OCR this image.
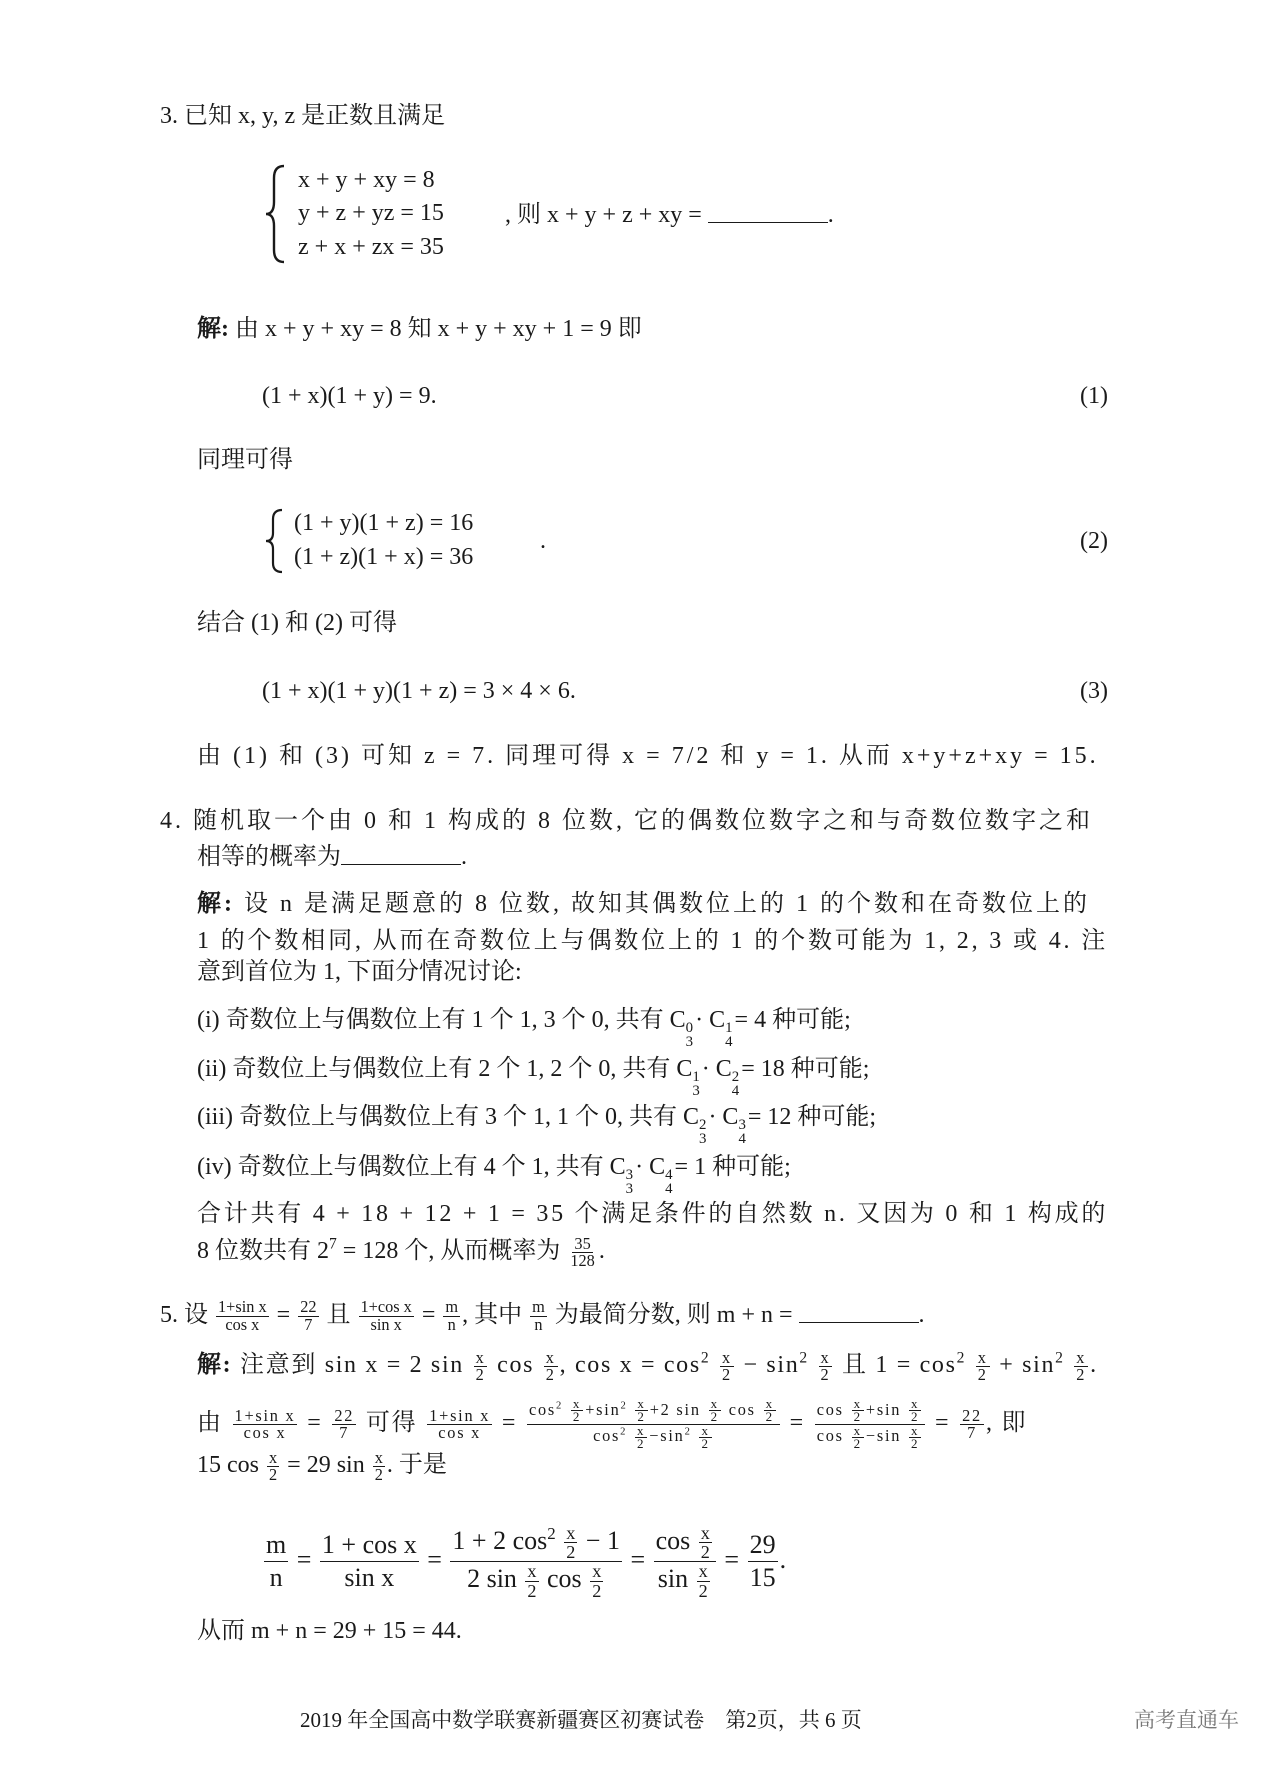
.
(1)
(2)
(3)
2019 年全国高中数学联赛新疆赛区初赛试卷　第2页，共 6 页	高考直通车
3. 已知 x, y, z 是正数且满足
x + y + xy = 8
y + z + yz = 15
z + x + zx = 35
, 则 x + y + z + xy =	.
解: 由 x + y + xy = 8 知 x + y + xy + 1 = 9 即
(1 + x)(1 + y) = 9.
同理可得
(1 + y)(1 + z) = 16
(1 + z)(1 + x) = 36
结合 (1) 和 (2) 可得
(1 + x)(1 + y)(1 + z) = 3 × 4 × 6.
由 (1) 和 (3) 可知 z = 7. 同理可得 x = 7/2 和 y = 1. 从而 x+y+z+xy = 15.
4. 随机取一个由 0 和 1 构成的 8 位数, 它的偶数位数字之和与奇数位数字之和
相等的概率为	.
解: 设 n 是满足题意的 8 位数, 故知其偶数位上的 1 的个数和在奇数位上的
1 的个数相同, 从而在奇数位上与偶数位上的 1 的个数可能为 1, 2, 3 或 4. 注
意到首位为 1, 下面分情况讨论:
(i) 奇数位上与偶数位上有 1 个 1, 3 个 0, 共有 C 0
3
· C 1
4
= 4 种可能;
(ii) 奇数位上与偶数位上有 2 个 1, 2 个 0, 共有 C 1
3
· C 2
4
= 18 种可能;
(iii) 奇数位上与偶数位上有 3 个 1, 1 个 0, 共有 C 2
3
· C 3
4
= 12 种可能;
(iv) 奇数位上与偶数位上有 4 个 1, 共有 C 3
3
· C 4
4
= 1 种可能;
合计共有 4 + 18 + 12 + 1 = 35 个满足条件的自然数 n. 又因为 0 和 1 构成的
8 位数共有 $2^7 = 128$ 个, 从而概率为 $\frac{35}{128}$ .
5. 设 $\frac{\text{1+sin x}}{\text{cos x}} = \frac{22}{7}$ 且 $\frac{\text{1+cos x}}{\text{sin x}} = \frac{m}{n}$ , 其中 $\frac{m}{n}$ 为最简分数, 则 m + n =	.
解: 注意到 sin x = 2 $\sin \frac{x}{2}$ $\cos \frac{x}{2}$ , $\cos x = \cos^2 \frac{x}{2} - \sin^2 \frac{x}{2}$ 且 $1 = \cos^2 \frac{x}{2} + \sin^2 \frac{x}{2}$ .
由 $\frac{\text{1+sin x}}{\text{cos x}} = \frac{22}{7}$ 可得 $\frac{\text{1+sin x}}{\text{cos x}} = \frac{\cos^2 \frac{x}{2} +\sin^2 \frac{x}{2} +2 \sin \frac{x}{2} \cos \frac{x}{2}}{\cos^2 \frac{x}{2} -\sin^2 \frac{x}{2}} = \frac{\cos \frac{x}{2} +\sin \frac{x}{2}}{\cos \frac{x}{2} -\sin \frac{x}{2}} = \frac{22}{7}$ , 即
15 $\cos \frac{x}{2} = 29$ $\sin \frac{x}{2}$ . 于是
$\frac{m}{n} = \frac{\text{1 + cos x}}{\text{sin x}} = \frac{1 + 2 \cos^2 \frac{x}{2} - 1}{2 \sin \frac{x}{2} \cos \frac{x}{2}} = \frac{\cos \frac{x}{2}}{\sin \frac{x}{2}} = \frac{29}{15}$ .
从而 m + n = 29 + 15 = 44.
